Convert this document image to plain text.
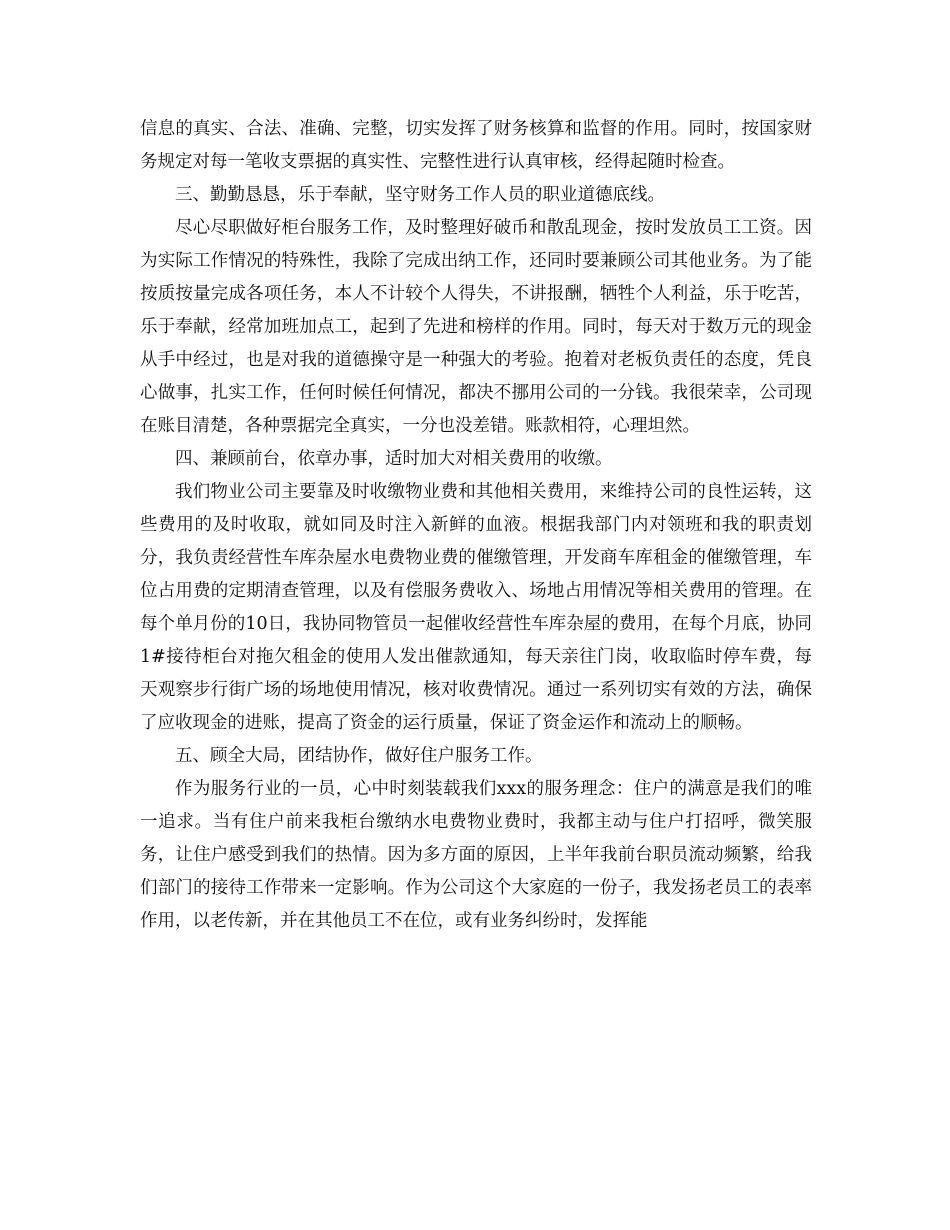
信息的真实、合法、准确、完整，切实发挥了财务核算和监督的作用。同时，按国家财务规定对每一笔收支票据的真实性、完整性进行认真审核，经得起随时检查。

三、勤勤恳恳，乐于奉献，坚守财务工作人员的职业道德底线。

尽心尽职做好柜台服务工作，及时整理好破币和散乱现金，按时发放员工工资。因为实际工作情况的特殊性，我除了完成出纳工作，还同时要兼顾公司其他业务。为了能按质按量完成各项任务，本人不计较个人得失，不讲报酬，牺牲个人利益，乐于吃苦，乐于奉献，经常加班加点工，起到了先进和榜样的作用。同时，每天对于数万元的现金从手中经过，也是对我的道德操守是一种强大的考验。抱着对老板负责任的态度，凭良心做事，扎实工作，任何时候任何情况，都决不挪用公司的一分钱。我很荣幸，公司现在账目清楚，各种票据完全真实，一分也没差错。账款相符，心理坦然。

四、兼顾前台，依章办事，适时加大对相关费用的收缴。

我们物业公司主要靠及时收缴物业费和其他相关费用，来维持公司的良性运转，这些费用的及时收取，就如同及时注入新鲜的血液。根据我部门内对领班和我的职责划分，我负责经营性车库杂屋水电费物业费的催缴管理，开发商车库租金的催缴管理，车位占用费的定期清查管理，以及有偿服务费收入、场地占用情况等相关费用的管理。在每个单月份的10日，我协同物管员一起催收经营性车库杂屋的费用，在每个月底，协同1#接待柜台对拖欠租金的使用人发出催款通知，每天亲往门岗，收取临时停车费，每天观察步行街广场的场地使用情况，核对收费情况。通过一系列切实有效的方法，确保了应收现金的进账，提高了资金的运行质量，保证了资金运作和流动上的顺畅。

五、顾全大局，团结协作，做好住户服务工作。

作为服务行业的一员，心中时刻装载我们xxx的服务理念：住户的满意是我们的唯一追求。当有住户前来我柜台缴纳水电费物业费时，我都主动与住户打招呼，微笑服务，让住户感受到我们的热情。因为多方面的原因，上半年我前台职员流动频繁，给我们部门的接待工作带来一定影响。作为公司这个大家庭的一份子，我发扬老员工的表率作用，以老传新，并在其他员工不在位，或有业务纠纷时，发挥能
